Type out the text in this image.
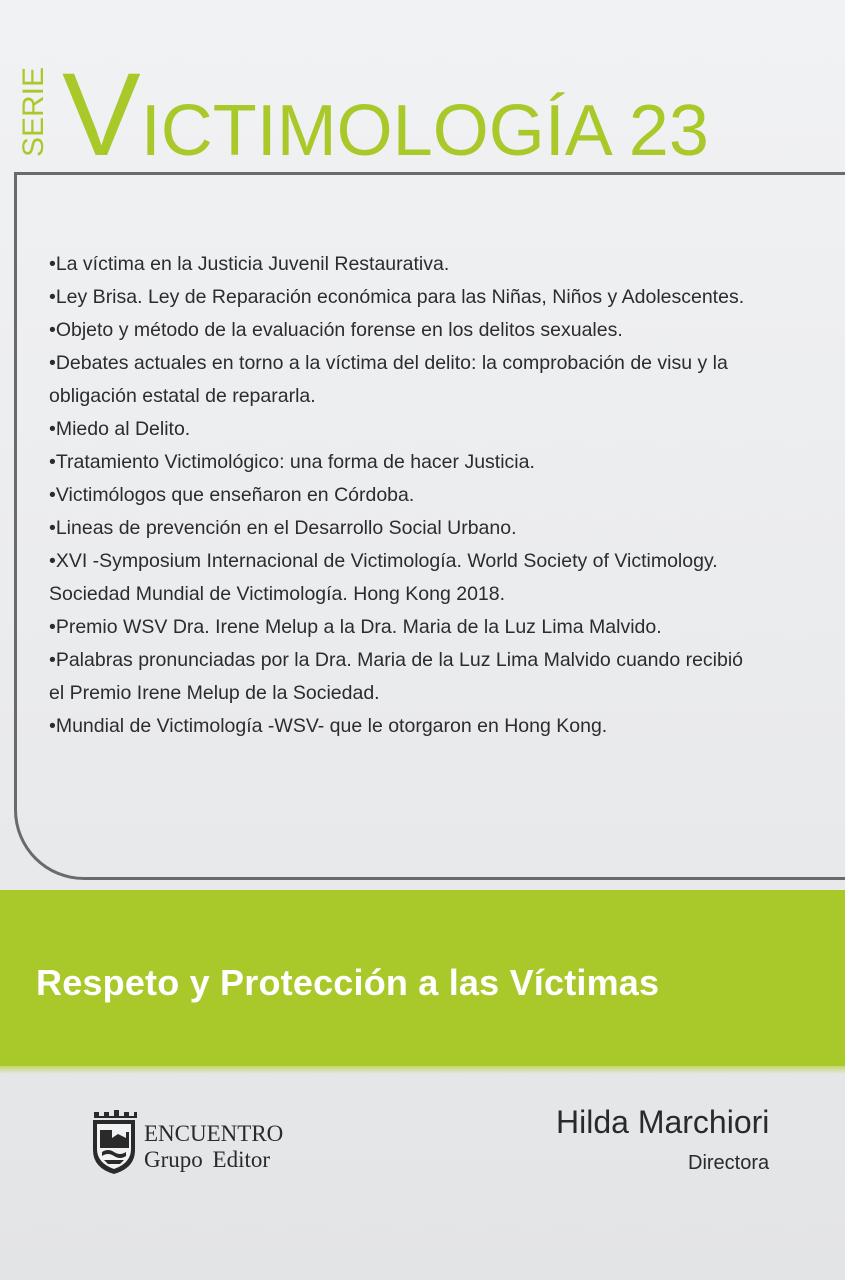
SERIE VICTIMOLOGÍA 23
•La víctima en la Justicia Juvenil Restaurativa.
•Ley Brisa. Ley de Reparación económica para las Niñas, Niños y Adolescentes.
•Objeto y método de la evaluación forense en los delitos sexuales.
•Debates actuales en torno a la víctima del delito: la comprobación de visu y la
obligación estatal de repararla.
•Miedo al Delito.
•Tratamiento Victimológico: una forma de hacer Justicia.
•Victimólogos que enseñaron en Córdoba.
•Lineas de prevención en el Desarrollo Social Urbano.
•XVI -Symposium Internacional de Victimología. World Society of Victimology.
Sociedad Mundial de Victimología. Hong Kong 2018.
•Premio WSV Dra. Irene Melup a la Dra. Maria de la Luz Lima Malvido.
•Palabras pronunciadas por la Dra. Maria de la Luz Lima Malvido cuando recibió
el Premio Irene Melup de la Sociedad.
•Mundial de Victimología -WSV- que le otorgaron en Hong Kong.
Respeto y Protección a las Víctimas
ENCUENTRO
Grupo Editor

Hilda Marchiori

Directora
